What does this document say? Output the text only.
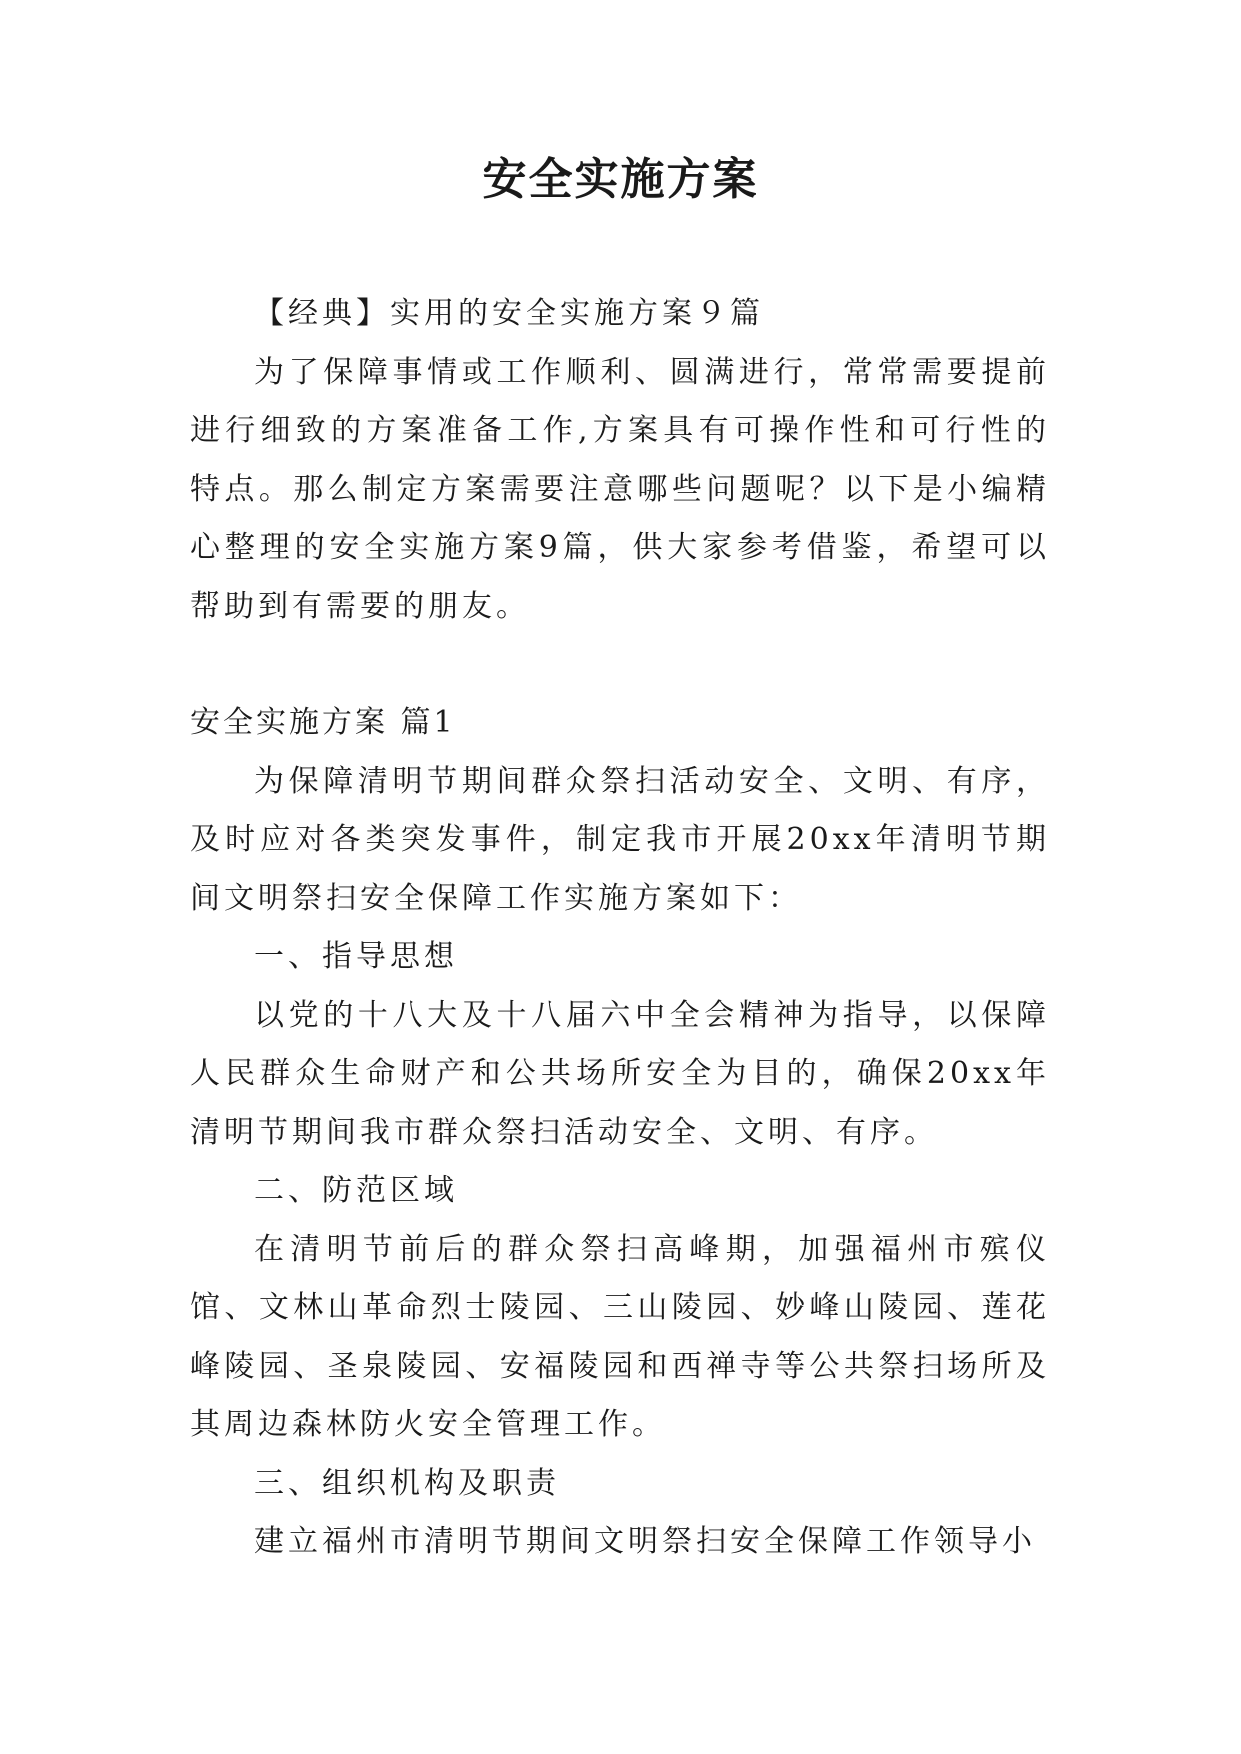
安全实施方案

【经典】实用的安全实施方案９篇

为了保障事情或工作顺利、圆满进行，常常需要提前进行细致的方案准备工作,方案具有可操作性和可行性的特点。那么制定方案需要注意哪些问题呢？以下是小编精心整理的安全实施方案9篇，供大家参考借鉴，希望可以帮助到有需要的朋友。

安全实施方案 篇1

为保障清明节期间群众祭扫活动安全、文明、有序，及时应对各类突发事件，制定我市开展20xx年清明节期间文明祭扫安全保障工作实施方案如下：

一、指导思想

以党的十八大及十八届六中全会精神为指导，以保障人民群众生命财产和公共场所安全为目的，确保20xx年清明节期间我市群众祭扫活动安全、文明、有序。

二、防范区域

在清明节前后的群众祭扫高峰期，加强福州市殡仪馆、文林山革命烈士陵园、三山陵园、妙峰山陵园、莲花峰陵园、圣泉陵园、安福陵园和西禅寺等公共祭扫场所及其周边森林防火安全管理工作。

三、组织机构及职责

建立福州市清明节期间文明祭扫安全保障工作领导小
